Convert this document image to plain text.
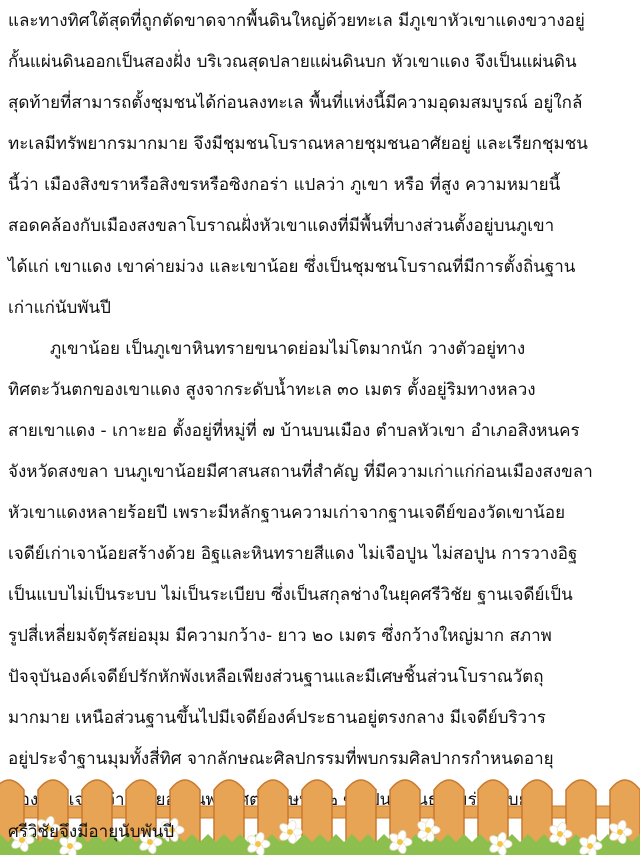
และทางทิศใต้สุดที่ถูกตัดขาดจากพื้นดินใหญ่ด้วยทะเล มีภูเขาหัวเขาแดงขวางอยู่
กั้นแผ่นดินออกเป็นสองฝั่ง บริเวณสุดปลายแผ่นดินบก หัวเขาแดง จึงเป็นแผ่นดิน
สุดท้ายที่สามารถตั้งชุมชนได้ก่อนลงทะเล พื้นที่แห่งนี้มีความอุดมสมบูรณ์ อยู่ใกล้
ทะเลมีทรัพยากรมากมาย จึงมีชุมชนโบราณหลายชุมชนอาศัยอยู่ และเรียกชุมชน
นี้ว่า เมืองสิงขราหรือสิงขรหรือซิงกอร่า แปลว่า ภูเขา หรือ ที่สูง ความหมายนี้
สอดคล้องกับเมืองสงขลาโบราณฝั่งหัวเขาแดงที่มีพื้นที่บางส่วนตั้งอยู่บนภูเขา
ได้แก่ เขาแดง เขาค่ายม่วง และเขาน้อย ซึ่งเป็นชุมชนโบราณที่มีการตั้งถิ่นฐาน
เก่าแก่นับพันปี
ภูเขาน้อย เป็นภูเขาหินทรายขนาดย่อมไม่โตมากนัก วางตัวอยู่ทาง
ทิศตะวันตกของเขาแดง สูงจากระดับน้ำทะเล ๓๐ เมตร ตั้งอยู่ริมทางหลวง
สายเขาแดง - เกาะยอ ตั้งอยู่ที่หมู่ที่ ๗ บ้านบนเมือง ตำบลหัวเขา อำเภอสิงหนคร
จังหวัดสงขลา บนภูเขาน้อยมีศาสนสถานที่สำคัญ ที่มีความเก่าแก่ก่อนเมืองสงขลา
หัวเขาแดงหลายร้อยปี เพราะมีหลักฐานความเก่าจากฐานเจดีย์ของวัดเขาน้อย
เจดีย์เก่าเจาน้อยสร้างด้วย อิฐและหินทรายสีแดง ไม่เจือปูน ไม่สอปูน การวางอิฐ
เป็นแบบไม่เป็นระบบ ไม่เป็นระเบียบ ซึ่งเป็นสกุลช่างในยุคศรีวิชัย ฐานเจดีย์เป็น
รูปสี่เหลี่ยมจัตุรัสย่อมุม มีความกว้าง- ยาว ๒๐ เมตร ซึ่งกว้างใหญ่มาก สภาพ
ปัจจุบันองค์เจดีย์ปรักหักพังเหลือเพียงส่วนฐานและมีเศษชิ้นส่วนโบราณวัตถุ
มากมาย เหนือส่วนฐานขึ้นไปมีเจดีย์องค์ประธานอยู่ตรงกลาง มีเจดีย์บริวาร
อยู่ประจำฐานมุมทั้งสี่ทิศ จากลักษณะศิลปกรรมที่พบกรมศิลปากรกำหนดอายุ
ของฐานเจดีย์ว่ามีอายุอยู่ในพุทธศตวรรษที่
ศรีวิชัยจึงมีอายุนับพันปี
